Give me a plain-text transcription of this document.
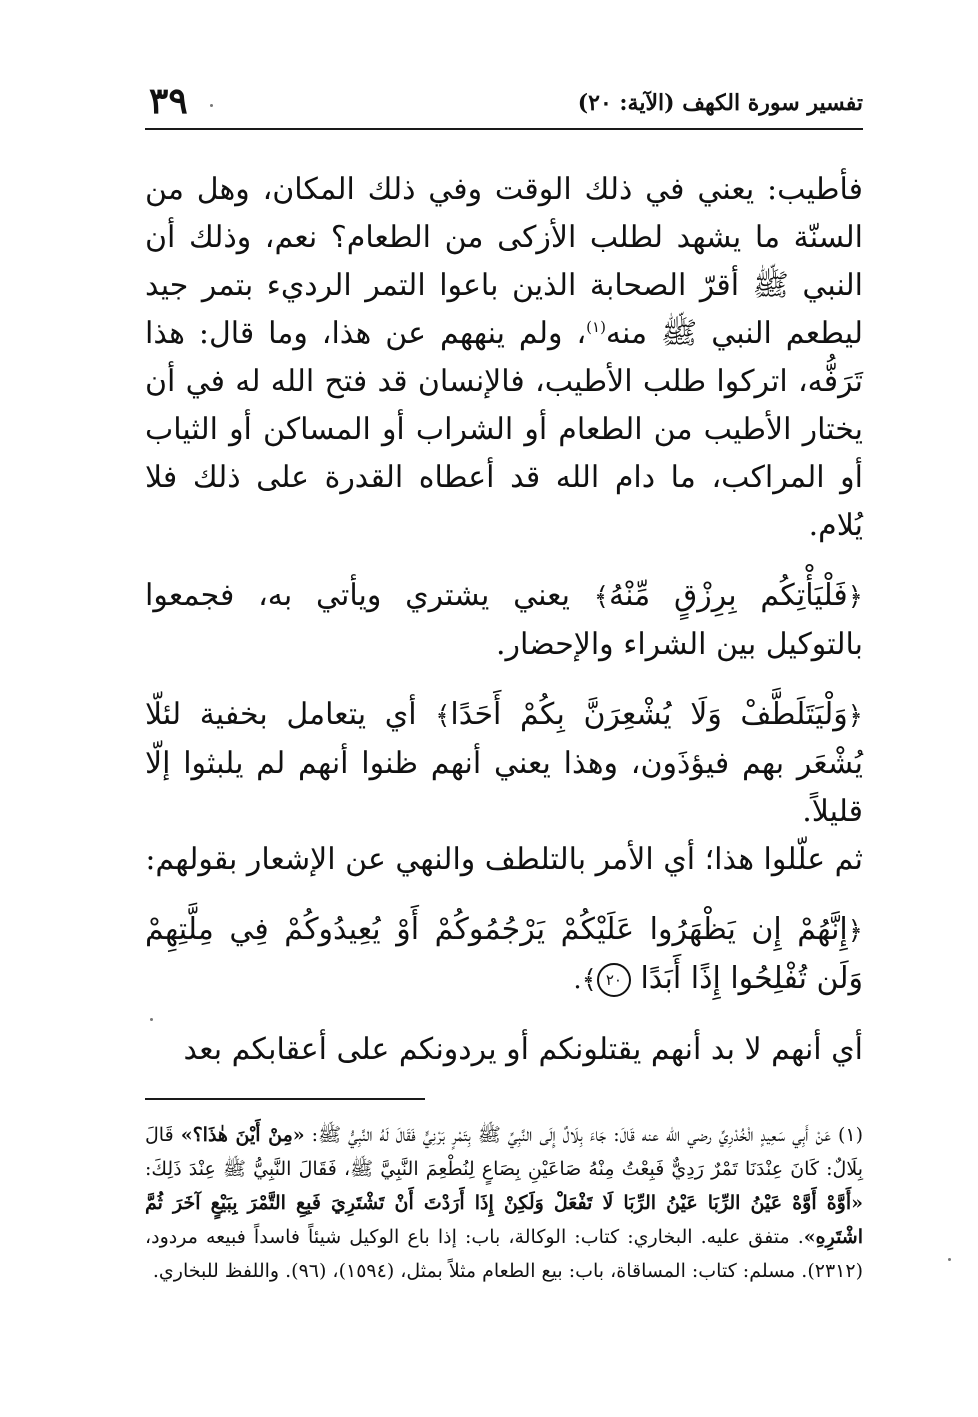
تفسير سورة الكهف (الآية: ٢٠)
٣٩

فأطيب: يعني في ذلك الوقت وفي ذلك المكان، وهل من السنّة ما يشهد لطلب الأزكى من الطعام؟ نعم، وذلك أن النبي ﷺ أقرّ الصحابة الذين باعوا التمر الرديء بتمر جيد ليطعم النبي ﷺ منه$^{(١)}$، ولم ينههم عن هذا، وما قال: هذا تَرَفُّه، اتركوا طلب الأطيب، فالإنسان قد فتح الله له في أن يختار الأطيب من الطعام أو الشراب أو المساكن أو الثياب أو المراكب، ما دام الله قد أعطاه القدرة على ذلك فلا يُلام.

﴿فَلْيَأْتِكُم بِرِزْقٍ مِّنْهُ﴾ يعني يشتري ويأتي به، فجمعوا بالتوكيل بين الشراء والإحضار.

﴿وَلْيَتَلَطَّفْ وَلَا يُشْعِرَنَّ بِكُمْ أَحَدًا﴾ أي يتعامل بخفية لئلّا يُشْعَر بهم فيؤذَون، وهذا يعني أنهم ظنوا أنهم لم يلبثوا إلّا قليلاً.
ثم علّلوا هذا؛ أي الأمر بالتلطف والنهي عن الإشعار بقولهم:

﴿إِنَّهُمْ إِن يَظْهَرُوا عَلَيْكُمْ يَرْجُمُوكُمْ أَوْ يُعِيدُوكُمْ فِي مِلَّتِهِمْ وَلَن تُفْلِحُوا إِذًا أَبَدًا ٢٠﴾.

أي أنهم لا بد أنهم يقتلونكم أو يردونكم على أعقابكم بعد

(١) عَنْ أَبِي سَعِيدٍ الْخُدْرِيِّ رضي الله عنه قَالَ: جَاءَ بِلَالٌ إِلَى النَّبِيِّ ﷺ بِتَمْرٍ بَرْنِيٍّ فَقَالَ لَهُ النَّبِيُّ ﷺ: «مِنْ أَيْنَ هٰذَا؟» قَالَ بِلَالٌ: كَانَ عِنْدَنَا تَمْرٌ رَدِيٌّ فَبِعْتُ مِنْهُ صَاعَيْنِ بِصَاعٍ لِنُطْعِمَ النَّبِيَّ ﷺ، فَقَالَ النَّبِيُّ ﷺ عِنْدَ ذَلِكَ: «أَوَّهْ أَوَّهْ عَيْنُ الرِّبَا عَيْنُ الرِّبَا لَا تَفْعَلْ وَلَكِنْ إِذَا أَرَدْتَ أَنْ تَشْتَرِيَ فَبِعِ التَّمْرَ بِبَيْعٍ آخَرَ ثُمَّ اشْتَرِهِ». متفق عليه. البخاري: كتاب: الوكالة، باب: إذا باع الوكيل شيئاً فاسداً فبيعه مردود، (٢٣١٢). مسلم: كتاب: المساقاة، باب: بيع الطعام مثلاً بمثل، (١٥٩٤)، (٩٦). واللفظ للبخاري.
